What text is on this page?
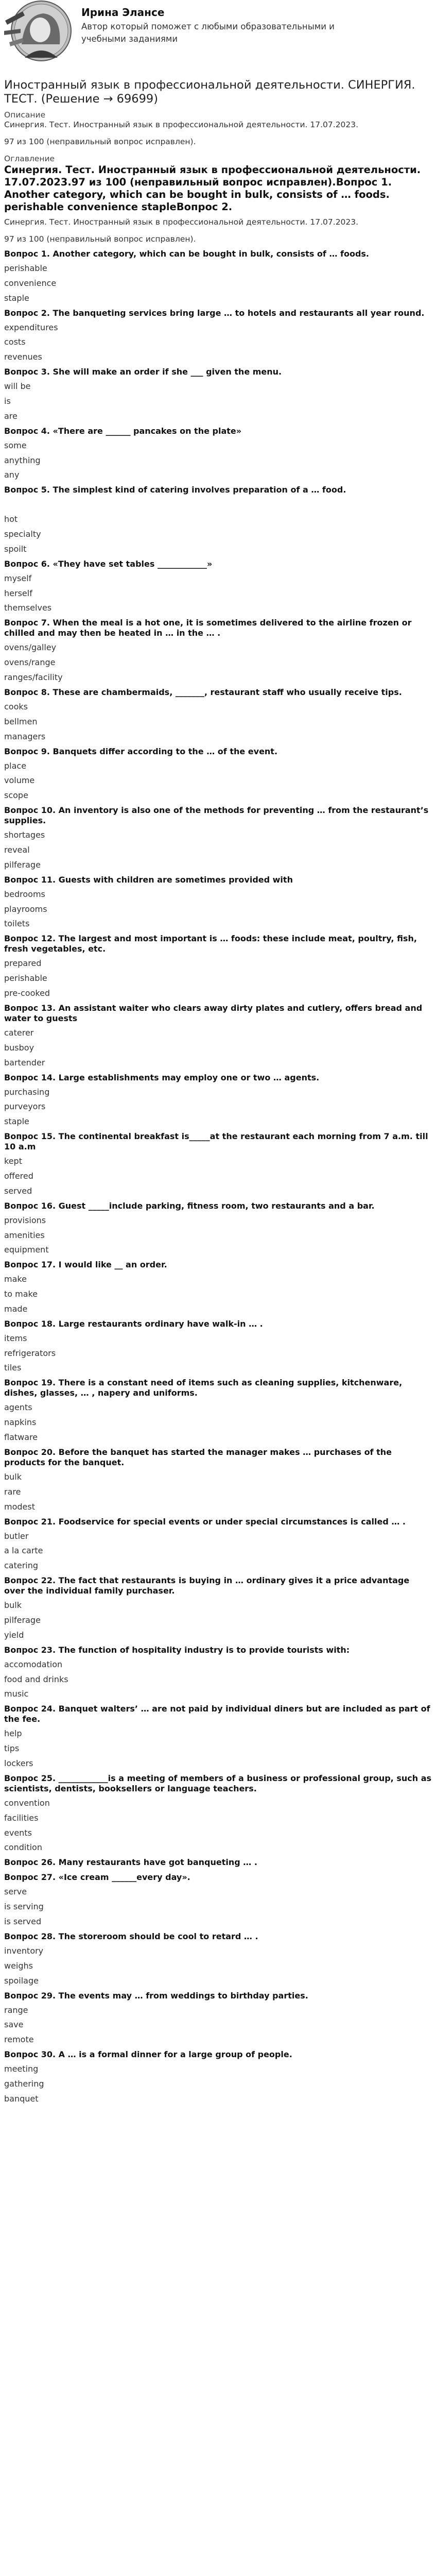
Ирина Элансе
Автор который поможет с любыми образовательными и учебными заданиями
Иностранный язык в профессиональной деятельности. СИНЕРГИЯ. ТЕСТ. (Решение → 69699)
Описание
Синергия. Тест. Иностранный язык в профессиональной деятельности. 17.07.2023.
97 из 100 (неправильный вопрос исправлен).
Оглавление
Синергия. Тест. Иностранный язык в профессиональной деятельности. 17.07.2023.97 из 100 (неправильный вопрос исправлен).Вопрос 1. Another category, which can be bought in bulk, consists of … foods. perishable convenience stapleВопрос 2.
Синергия. Тест. Иностранный язык в профессиональной деятельности. 17.07.2023.
97 из 100 (неправильный вопрос исправлен).
Вопрос 1. Another category, which can be bought in bulk, consists of … foods.
perishable
convenience
staple
Вопрос 2. The banqueting services bring large … to hotels and restaurants all year round.
expenditures
costs
revenues
Вопрос 3. She will make an order if she ___ given the menu.
will be
is
are
Вопрос 4. «There are ______ pancakes on the plate»
some
anything
any
Вопрос 5. The simplest kind of catering involves preparation of a … food.

hot
specialty
spoilt
Вопрос 6. «They have set tables ____________»
myself
herself
themselves
Вопрос 7. When the meal is a hot one, it is sometimes delivered to the airline frozen or chilled and may then be heated in … in the … .
ovens/galley
ovens/range
ranges/facility
Вопрос 8. These are chambermaids, _______, restaurant staff who usually receive tips.
cooks
bellmen
managers
Вопрос 9. Banquets differ according to the … of the event.
place
volume
scope
Вопрос 10. An inventory is also one of the methods for preventing … from the restaurant’s supplies.
shortages
reveal
pilferage
Вопрос 11. Guests with children are sometimes provided with
bedrooms
playrooms
toilets
Вопрос 12. The largest and most important is … foods: these include meat, poultry, fish, fresh vegetables, etc.
prepared
perishable
pre-cooked
Вопрос 13. An assistant waiter who clears away dirty plates and cutlery, offers bread and water to guests
caterer
busboy
bartender
Вопрос 14. Large establishments may employ one or two … agents.
purchasing
purveyors
staple
Вопрос 15. The continental breakfast is_____at the restaurant each morning from 7 a.m. till 10 a.m
kept
offered
served
Вопрос 16. Guest _____include parking, fitness room, two restaurants and a bar.
provisions
amenities
equipment
Вопрос 17. I would like __ an order.
make
to make
made
Вопрос 18. Large restaurants ordinary have walk-in … .
items
refrigerators
tiles
Вопрос 19. There is a constant need of items such as cleaning supplies, kitchenware, dishes, glasses, … , napery and uniforms.
agents
napkins
flatware
Вопрос 20. Before the banquet has started the manager makes … purchases of the products for the banquet.
bulk
rare
modest
Вопрос 21. Foodservice for special events or under special circumstances is called … .
butler
a la carte
catering
Вопрос 22. The fact that restaurants is buying in … ordinary gives it a price advantage over the individual family purchaser.
bulk
pilferage
yield
Вопрос 23. The function of hospitality industry is to provide tourists with:
accomodation
food and drinks
music
Вопрос 24. Banquet walters’ … are not paid by individual diners but are included as part of the fee.
help
tips
lockers
Вопрос 25. ____________is a meeting of members of a business or professional group, such as scientists, dentists, booksellers or language teachers.
convention
facilities
events
condition
Вопрос 26. Many restaurants have got banqueting … .
Вопрос 27. «Ice cream ______every day».
serve
is serving
is served
Вопрос 28. The storeroom should be cool to retard … .
inventory
weighs
spoilage
Вопрос 29. The events may … from weddings to birthday parties.
range
save
remote
Вопрос 30. A … is a formal dinner for a large group of people.
meeting
gathering
banquet
